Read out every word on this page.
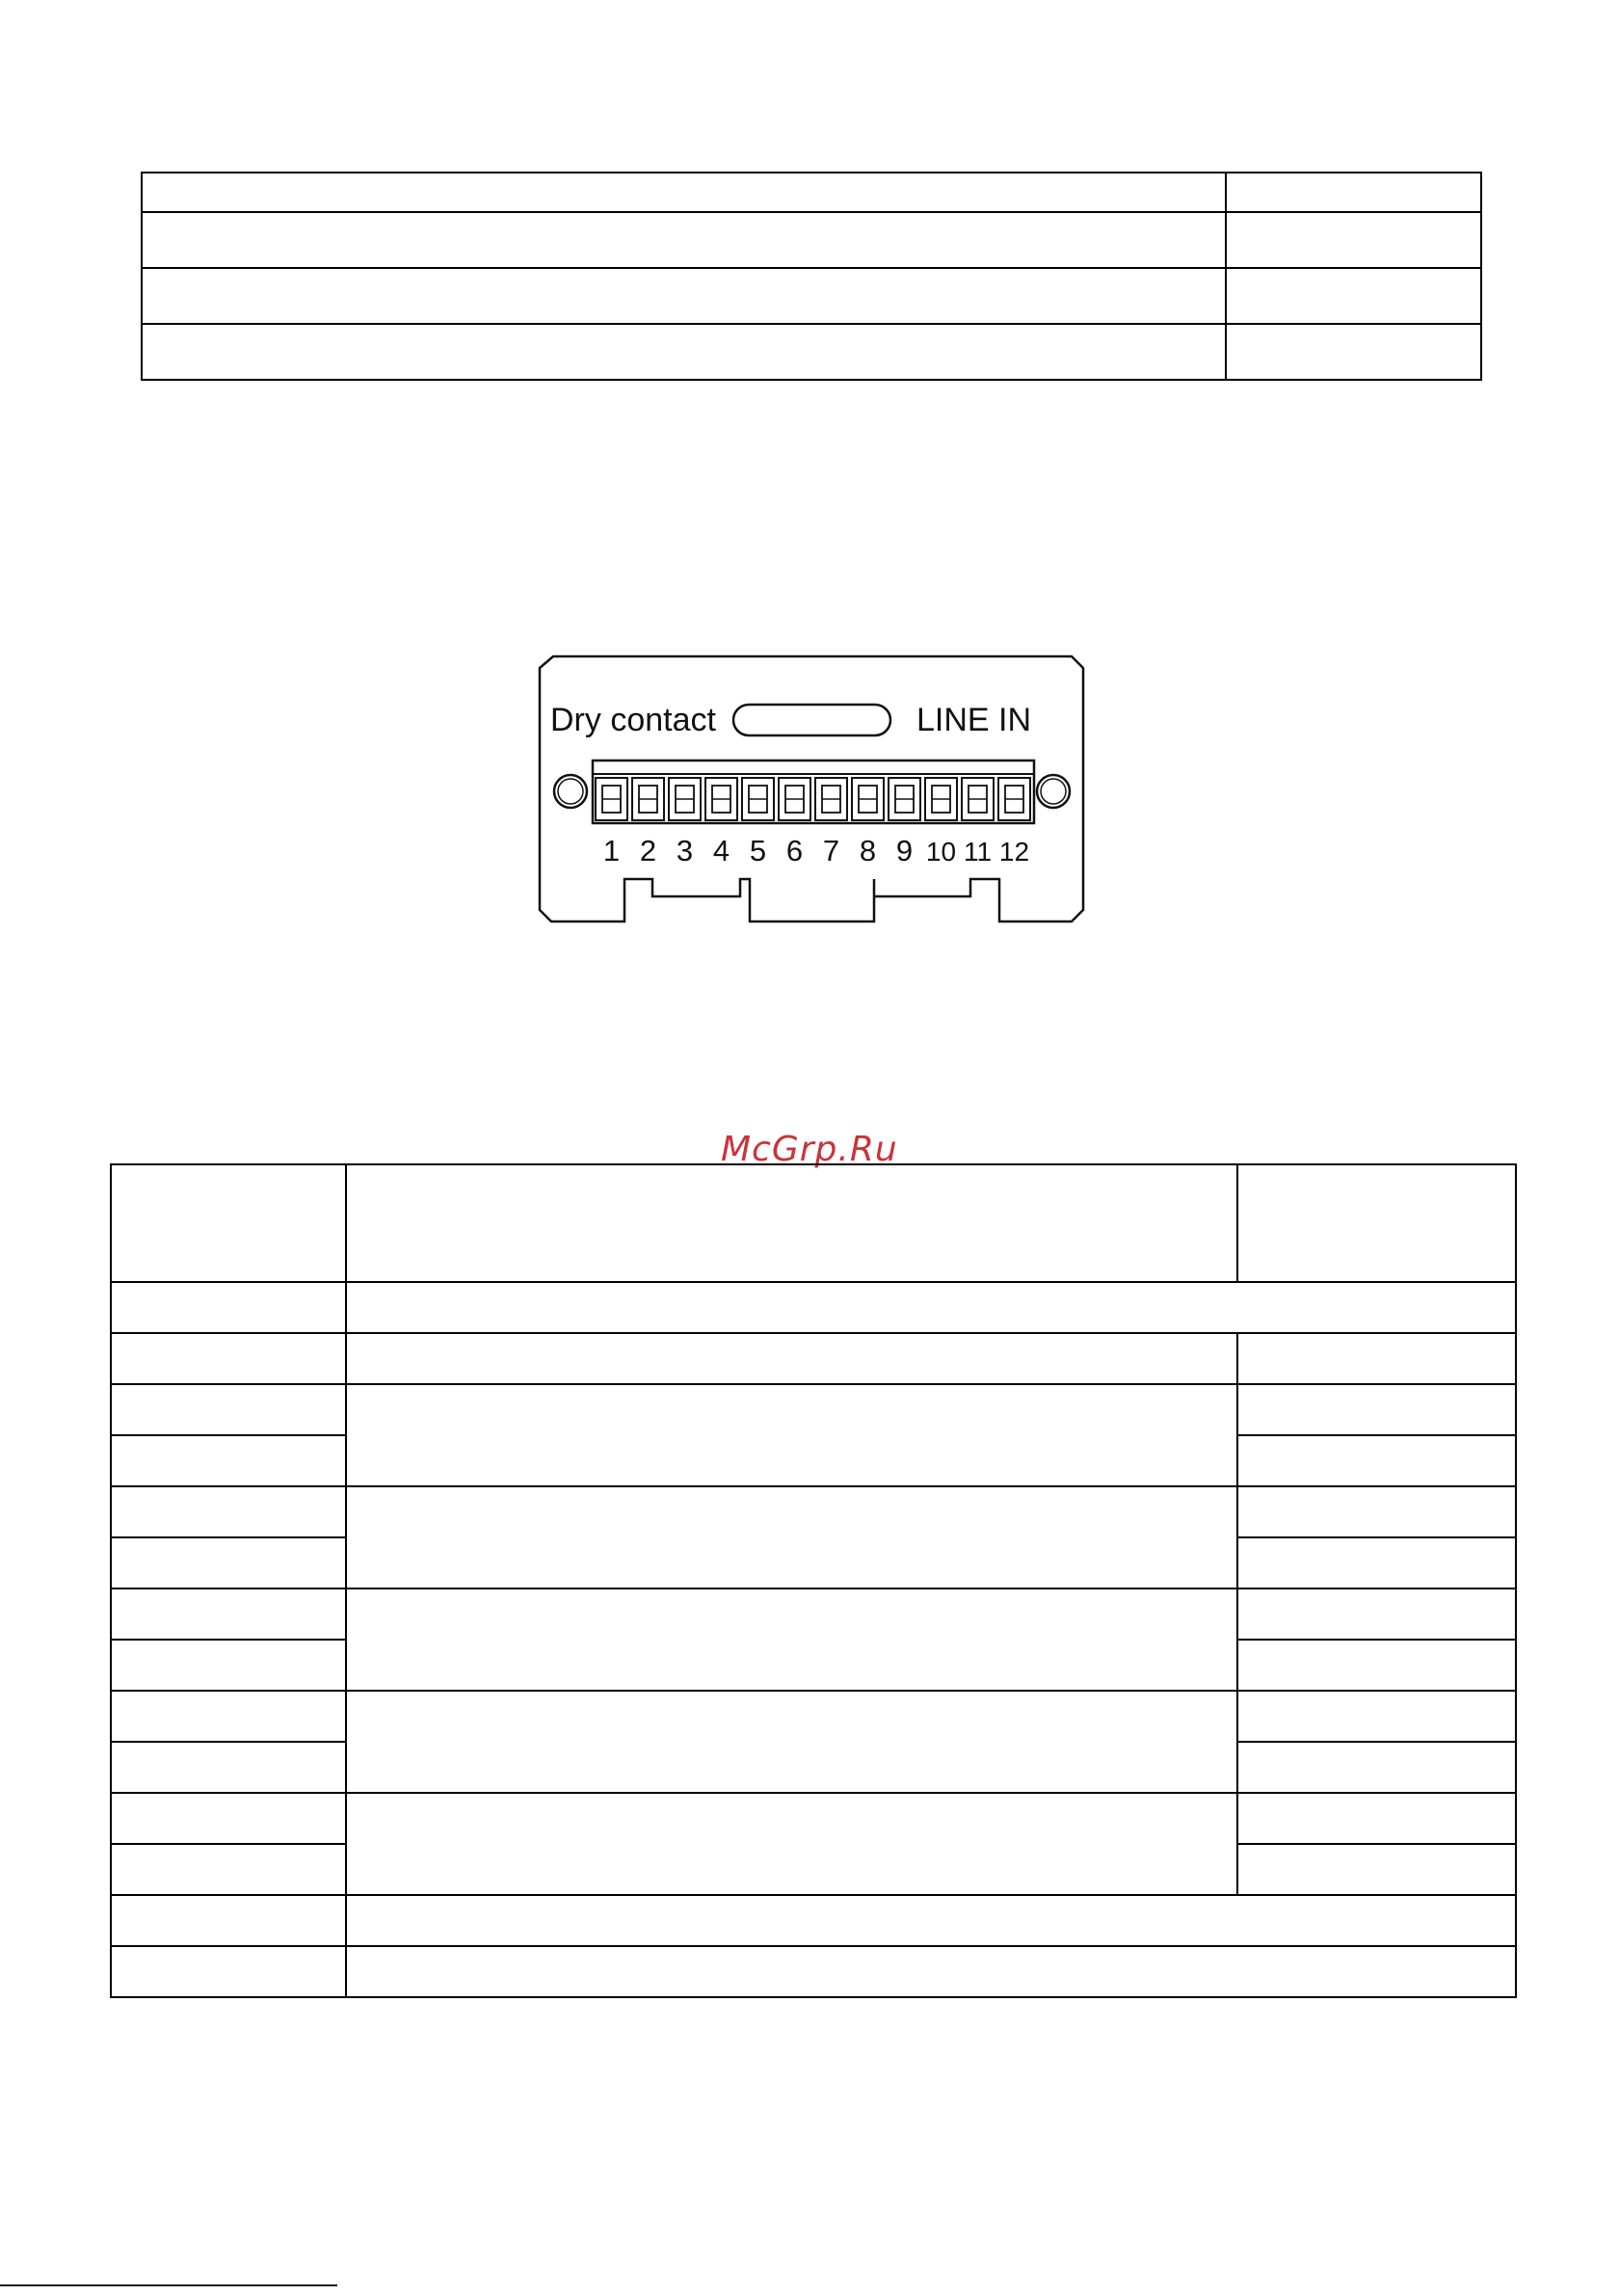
Dry contact	LINE IN
1 2 3 4 5 6 7 8 9 10 11 12
McGrp.Ru
